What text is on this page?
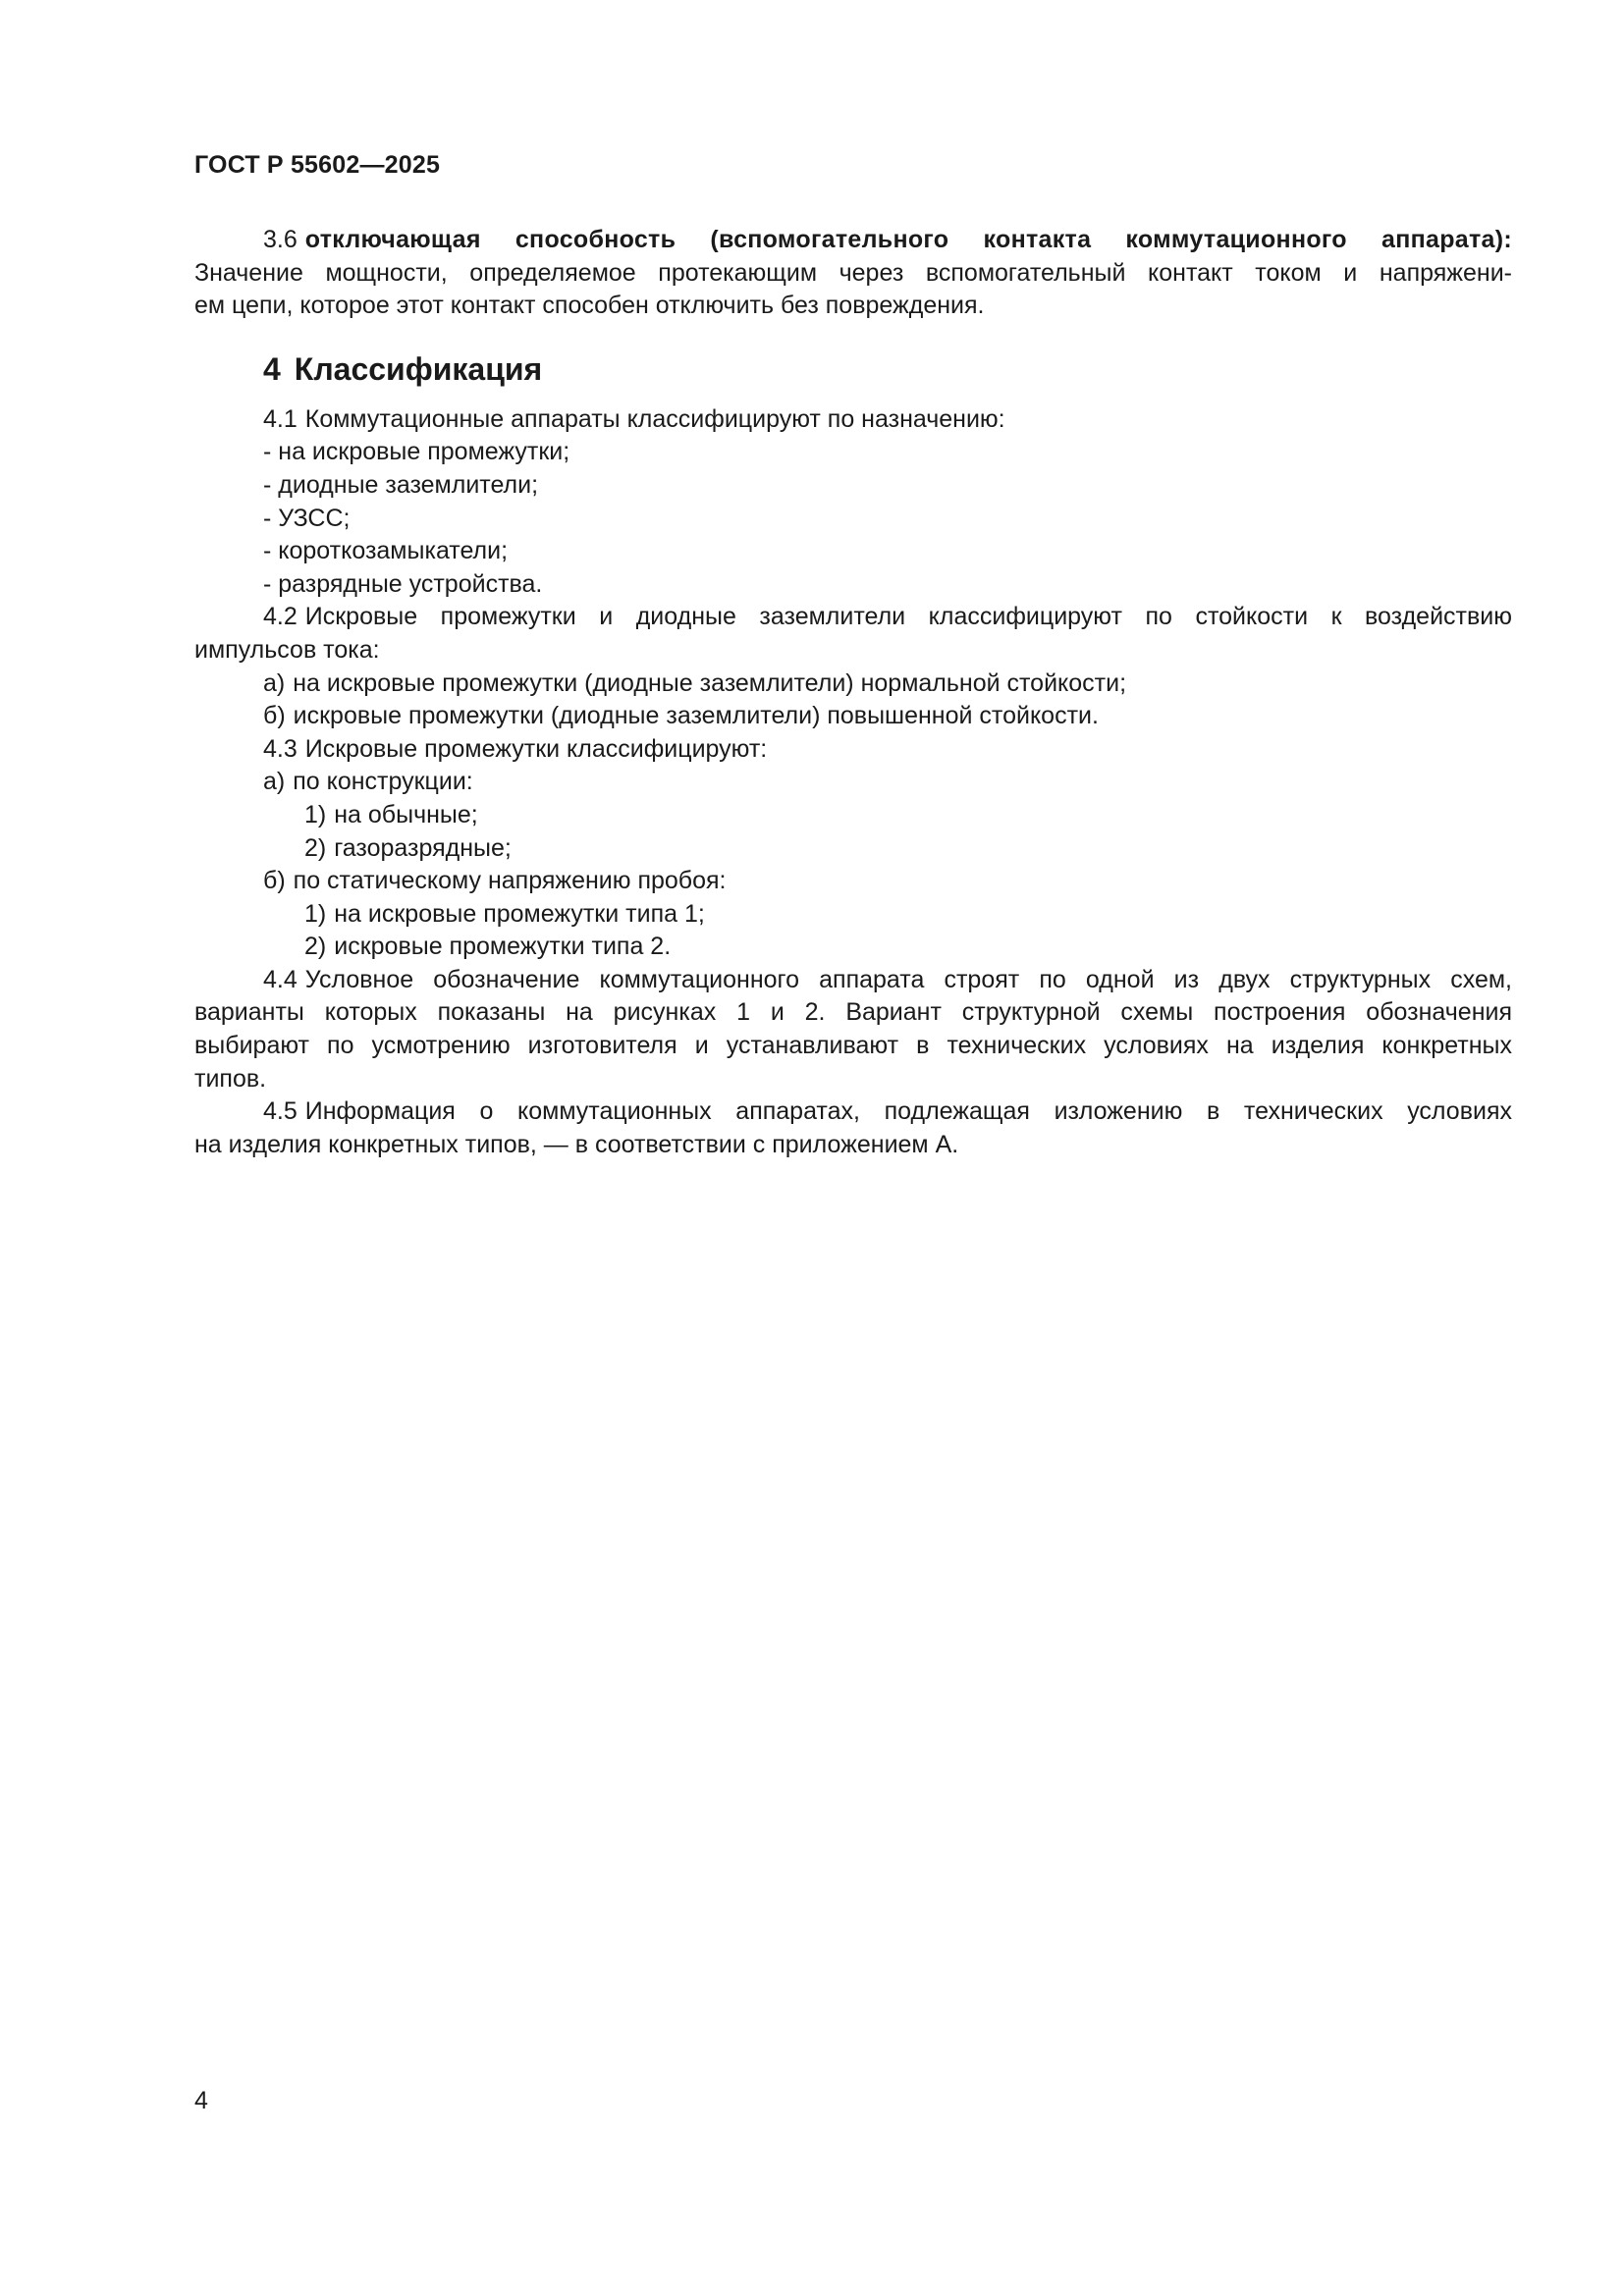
ГОСТ Р 55602—2025

3.6 отключающая способность (вспомогательного контакта коммутационного аппарата):

Значение мощности, определяемое протекающим через вспомогательный контакт током и напряжени-

ем цепи, которое этот контакт способен отключить без повреждения.

4 Классификация

4.1 Коммутационные аппараты классифицируют по назначению:

- на искровые промежутки;

- диодные заземлители;

- УЗСС;

- короткозамыкатели;

- разрядные устройства.

4.2 Искровые промежутки и диодные заземлители классифицируют по стойкости к воздействию

импульсов тока:

а) на искровые промежутки (диодные заземлители) нормальной стойкости;

б) искровые промежутки (диодные заземлители) повышенной стойкости.

4.3 Искровые промежутки классифицируют:

а) по конструкции:

1) на обычные;

2) газоразрядные;

б) по статическому напряжению пробоя:

1) на искровые промежутки типа 1;

2) искровые промежутки типа 2.

4.4 Условное обозначение коммутационного аппарата строят по одной из двух структурных схем,

варианты которых показаны на рисунках 1 и 2. Вариант структурной схемы построения обозначения

выбирают по усмотрению изготовителя и устанавливают в технических условиях на изделия конкретных

типов.

4.5 Информация о коммутационных аппаратах, подлежащая изложению в технических условиях

на изделия конкретных типов, — в соответствии с приложением А.

4
